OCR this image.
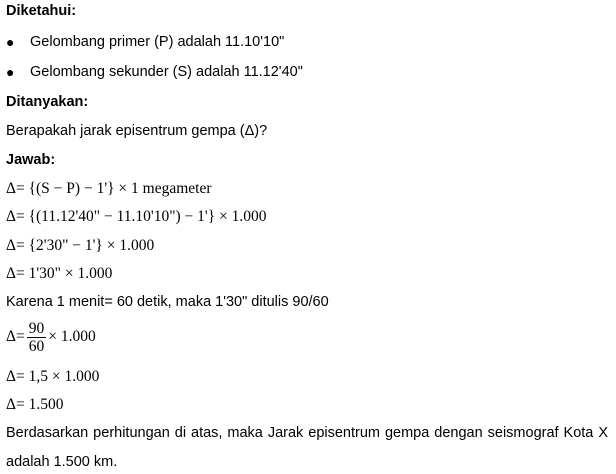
Diketahui:
● Gelombang primer (P) adalah 11.10'10"
● Gelombang sekunder (S) adalah 11.12'40"
Ditanyakan:
Berapakah jarak episentrum gempa (Δ)?
Jawab:
Δ= {(S − P) − 1'} × 1 megameter
Δ= {(11.12'40" − 11.10'10") − 1'} × 1.000
Δ= {2'30" − 1'} × 1.000
Δ= 1'30" × 1.000
Karena 1 menit= 60 detik, maka 1'30" ditulis 90/60
$\Delta= \frac{90}{60} \times 1.000$
Δ= 1,5 × 1.000
Δ= 1.500
Berdasarkan perhitungan di atas, maka Jarak episentrum gempa dengan seismograf Kota X
adalah 1.500 km.
